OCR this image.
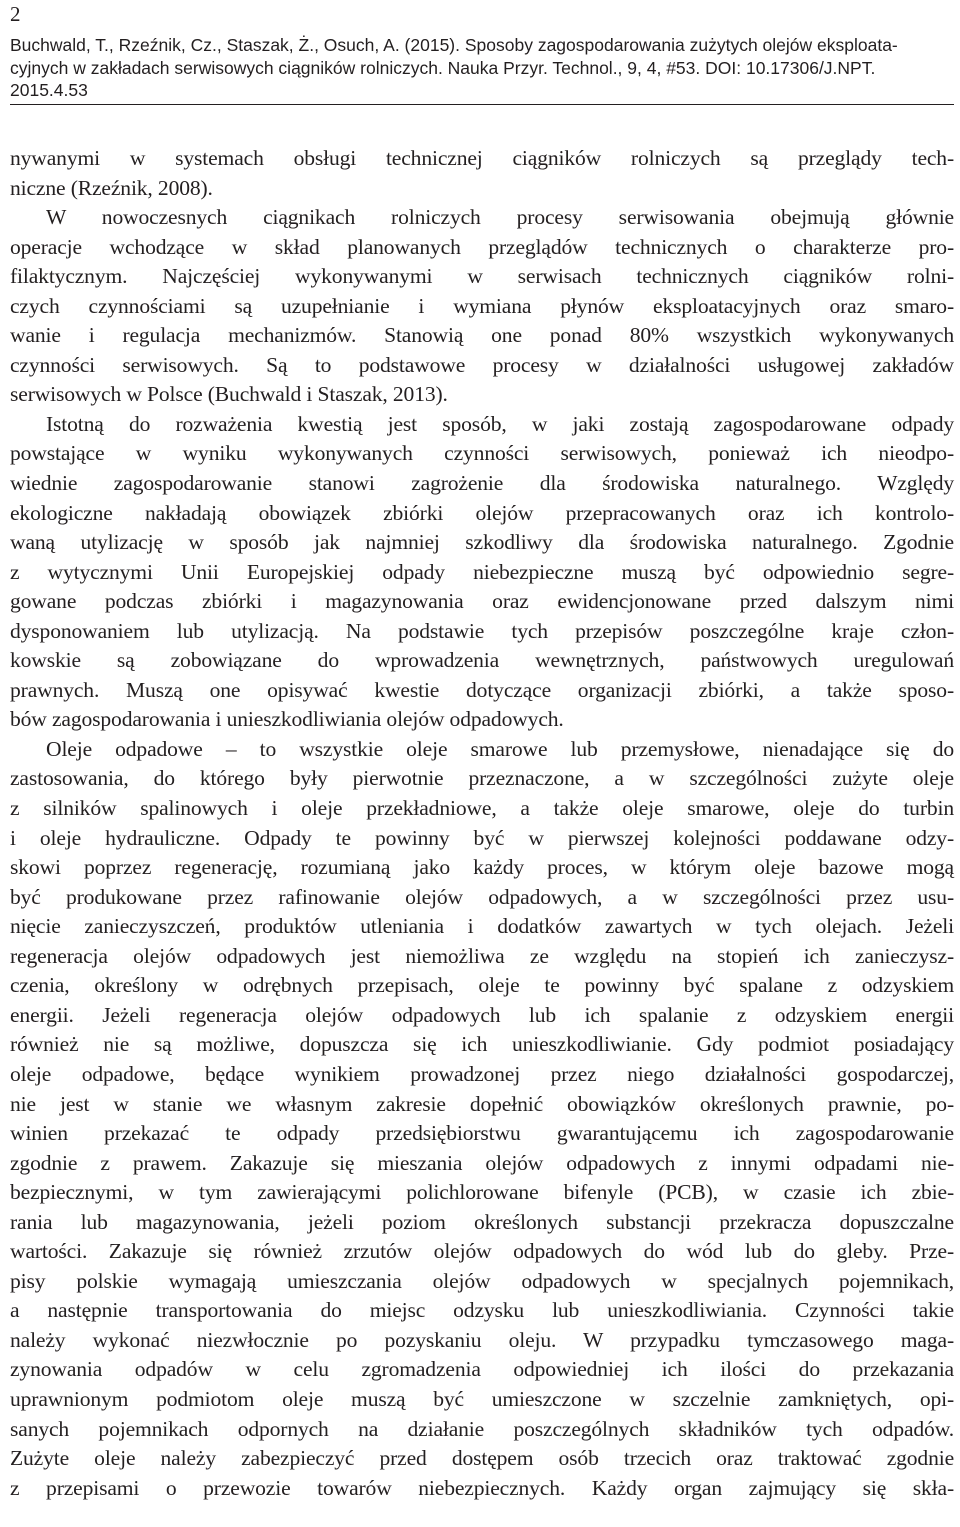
2
Buchwald, T., Rzeźnik, Cz., Staszak, Ż., Osuch, A. (2015). Sposoby zagospodarowania zużytych olejów eksploata-
cyjnych w zakładach serwisowych ciągników rolniczych. Nauka Przyr. Technol., 9, 4, #53. DOI: 10.17306/J.NPT.
2015.4.53
nywanymi w systemach obsługi technicznej ciągników rolniczych są przeglądy tech-
niczne (Rzeźnik, 2008).
W nowoczesnych ciągnikach rolniczych procesy serwisowania obejmują głównie
operacje wchodzące w skład planowanych przeglądów technicznych o charakterze pro-
filaktycznym. Najczęściej wykonywanymi w serwisach technicznych ciągników rolni-
czych czynnościami są uzupełnianie i wymiana płynów eksploatacyjnych oraz smaro-
wanie i regulacja mechanizmów. Stanowią one ponad 80% wszystkich wykonywanych
czynności serwisowych. Są to podstawowe procesy w działalności usługowej zakładów
serwisowych w Polsce (Buchwald i Staszak, 2013).
Istotną do rozważenia kwestią jest sposób, w jaki zostają zagospodarowane odpady
powstające w wyniku wykonywanych czynności serwisowych, ponieważ ich nieodpo-
wiednie zagospodarowanie stanowi zagrożenie dla środowiska naturalnego. Względy
ekologiczne nakładają obowiązek zbiórki olejów przepracowanych oraz ich kontrolo-
waną utylizację w sposób jak najmniej szkodliwy dla środowiska naturalnego. Zgodnie
z wytycznymi Unii Europejskiej odpady niebezpieczne muszą być odpowiednio segre-
gowane podczas zbiórki i magazynowania oraz ewidencjonowane przed dalszym nimi
dysponowaniem lub utylizacją. Na podstawie tych przepisów poszczególne kraje człon-
kowskie są zobowiązane do wprowadzenia wewnętrznych, państwowych uregulowań
prawnych. Muszą one opisywać kwestie dotyczące organizacji zbiórki, a także sposo-
bów zagospodarowania i unieszkodliwiania olejów odpadowych.
Oleje odpadowe – to wszystkie oleje smarowe lub przemysłowe, nienadające się do
zastosowania, do którego były pierwotnie przeznaczone, a w szczególności zużyte oleje
z silników spalinowych i oleje przekładniowe, a także oleje smarowe, oleje do turbin
i oleje hydrauliczne. Odpady te powinny być w pierwszej kolejności poddawane odzy-
skowi poprzez regenerację, rozumianą jako każdy proces, w którym oleje bazowe mogą
być produkowane przez rafinowanie olejów odpadowych, a w szczególności przez usu-
nięcie zanieczyszczeń, produktów utleniania i dodatków zawartych w tych olejach. Jeżeli
regeneracja olejów odpadowych jest niemożliwa ze względu na stopień ich zanieczysz-
czenia, określony w odrębnych przepisach, oleje te powinny być spalane z odzyskiem
energii. Jeżeli regeneracja olejów odpadowych lub ich spalanie z odzyskiem energii
również nie są możliwe, dopuszcza się ich unieszkodliwianie. Gdy podmiot posiadający
oleje odpadowe, będące wynikiem prowadzonej przez niego działalności gospodarczej,
nie jest w stanie we własnym zakresie dopełnić obowiązków określonych prawnie, po-
winien przekazać te odpady przedsiębiorstwu gwarantującemu ich zagospodarowanie
zgodnie z prawem. Zakazuje się mieszania olejów odpadowych z innymi odpadami nie-
bezpiecznymi, w tym zawierającymi polichlorowane bifenyle (PCB), w czasie ich zbie-
rania lub magazynowania, jeżeli poziom określonych substancji przekracza dopuszczalne
wartości. Zakazuje się również zrzutów olejów odpadowych do wód lub do gleby. Prze-
pisy polskie wymagają umieszczania olejów odpadowych w specjalnych pojemnikach,
a następnie transportowania do miejsc odzysku lub unieszkodliwiania. Czynności takie
należy wykonać niezwłocznie po pozyskaniu oleju. W przypadku tymczasowego maga-
zynowania odpadów w celu zgromadzenia odpowiedniej ich ilości do przekazania
uprawnionym podmiotom oleje muszą być umieszczone w szczelnie zamkniętych, opi-
sanych pojemnikach odpornych na działanie poszczególnych składników tych odpadów.
Zużyte oleje należy zabezpieczyć przed dostępem osób trzecich oraz traktować zgodnie
z przepisami o przewozie towarów niebezpiecznych. Każdy organ zajmujący się skła-
